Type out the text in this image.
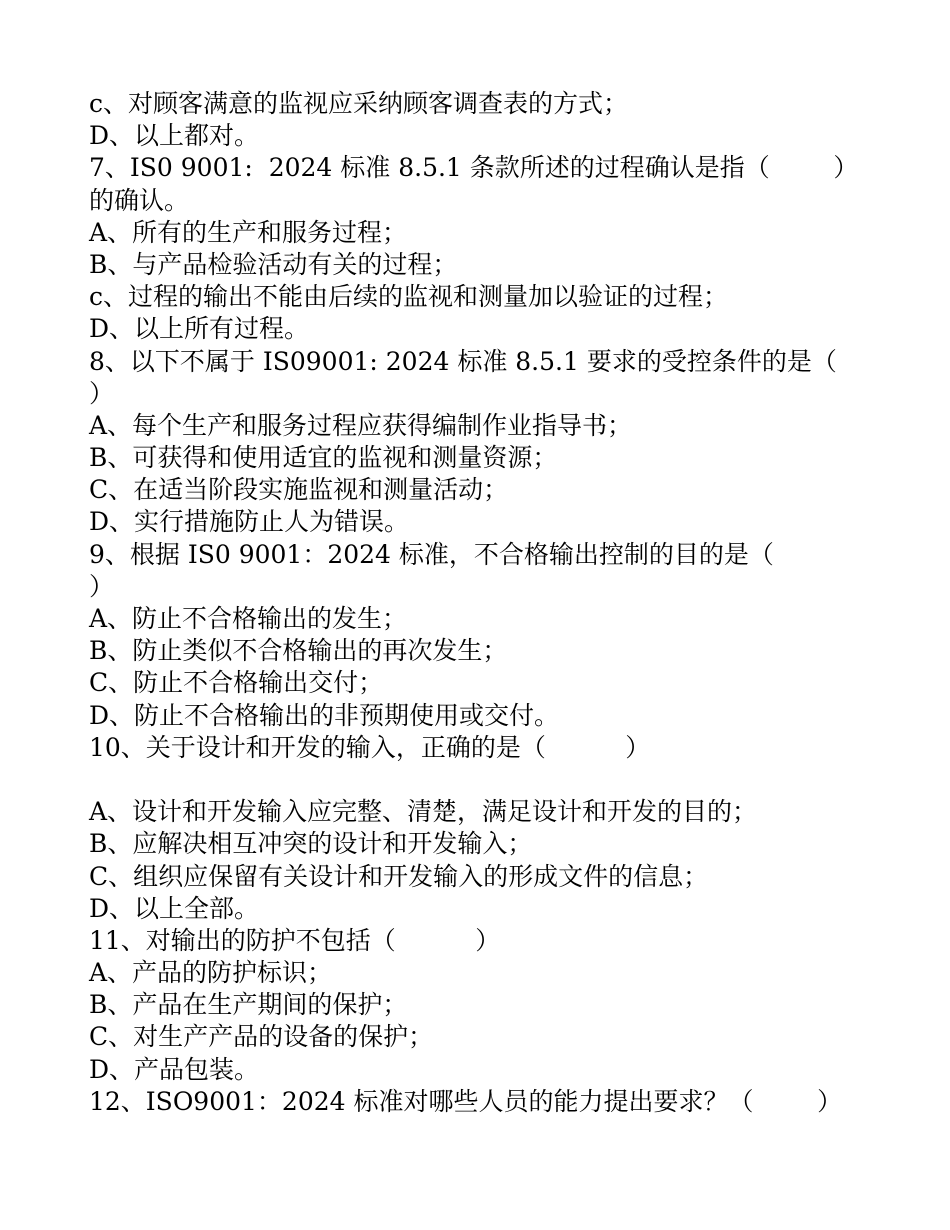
c、对顾客满意的监视应采纳顾客调查表的方式；
D、以上都对。
7、IS0 9001:  2024 标准 8.5.1 条款所述的过程确认是指（        ）
的确认。
A、所有的生产和服务过程；
B、与产品检验活动有关的过程；
c、过程的输出不能由后续的监视和测量加以验证的过程；
D、以上所有过程。
8、以下不属于 IS09001: 2024 标准 8.5.1 要求的受控条件的是（
）
A、每个生产和服务过程应获得编制作业指导书；
B、可获得和使用适宜的监视和测量资源；
C、在适当阶段实施监视和测量活动；
D、实行措施防止人为错误。
9、根据 IS0 9001：2024 标准，不合格输出控制的目的是（
）
A、防止不合格输出的发生；
B、防止类似不合格输出的再次发生；
C、防止不合格输出交付；
D、防止不合格输出的非预期使用或交付。
10、关于设计和开发的输入，正确的是（          ）
A、设计和开发输入应完整、清楚，满足设计和开发的目的；
B、应解决相互冲突的设计和开发输入；
C、组织应保留有关设计和开发输入的形成文件的信息；
D、以上全部。
11、对输出的防护不包括（          ）
A、产品的防护标识；
B、产品在生产期间的保护；
C、对生产产品的设备的保护；
D、产品包装。
12、ISO9001：2024 标准对哪些人员的能力提出要求？（        ）
